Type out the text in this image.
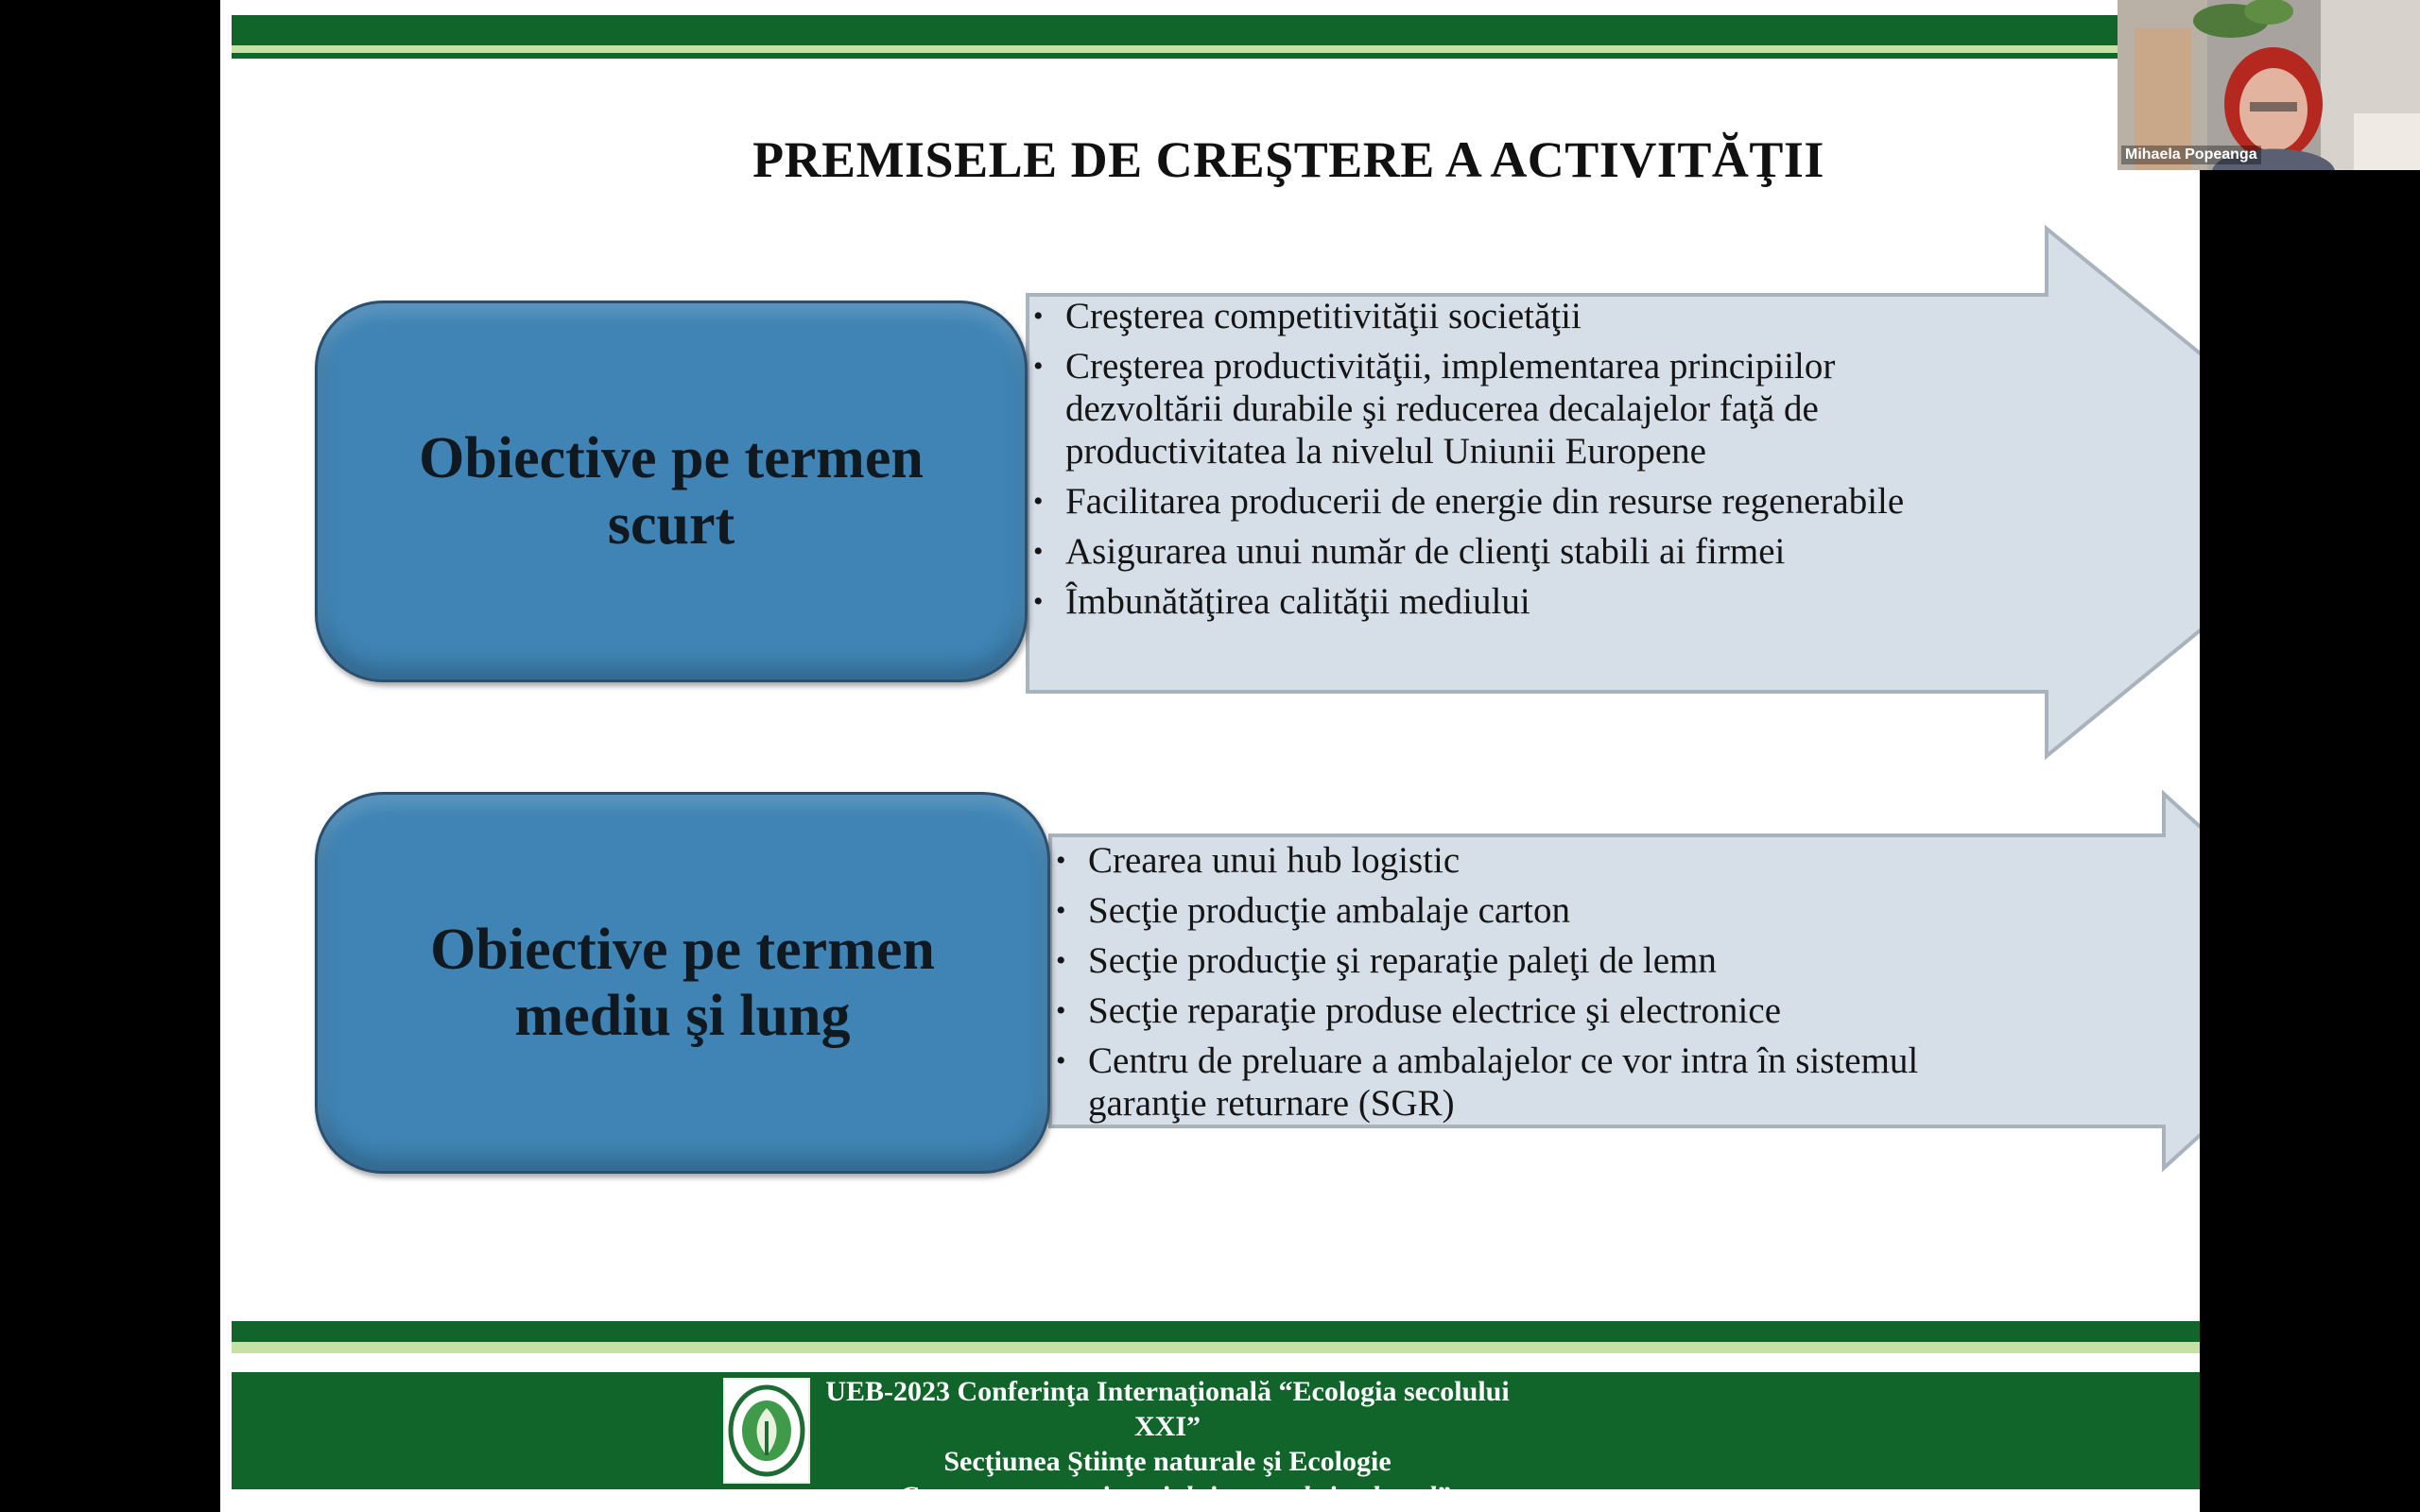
PREMISELE DE CREŞTERE A ACTIVITĂŢII
Obiective pe termen scurt
• Creşterea competitivităţii societăţii
• Creşterea productivităţii, implementarea principiilor dezvoltării durabile şi reducerea decalajelor faţă de productivitatea la nivelul Uniunii Europene
• Facilitarea producerii de energie din resurse regenerabile
• Asigurarea unui număr de clienţi stabili ai firmei
• Îmbunătăţirea calităţii mediului
Obiective pe termen mediu şi lung
• Crearea unui hub logistic
• Secţie producţie ambalaje carton
• Secţie producţie şi reparaţie paleţi de lemn
• Secţie reparaţie produse electrice şi electronice
• Centru de preluare a ambalajelor ce vor intra în sistemul garanţie returnare (SGR)
UEB-2023 Conferinţa Internaţională “Ecologia secolului XXI”
Secţiunea Ştiinţe naturale şi Ecologie
„Conservarea patrimoniului natural şi cultural”
Mihaela Popeanga
